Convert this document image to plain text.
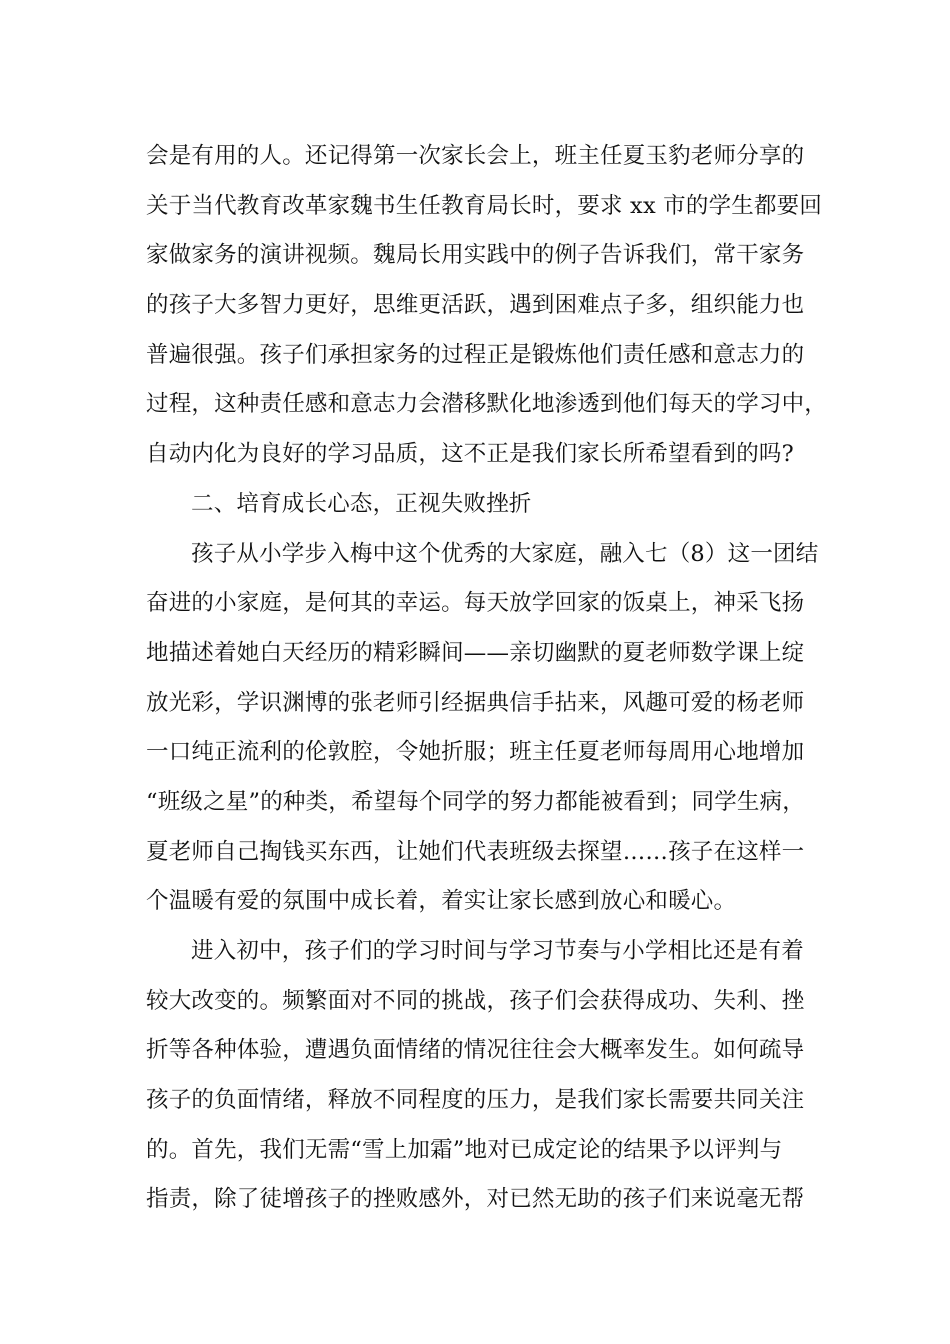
会是有用的人。还记得第一次家长会上，班主任夏玉豹老师分享的
关于当代教育改革家魏书生任教育局长时，要求 xx 市的学生都要回
家做家务的演讲视频。魏局长用实践中的例子告诉我们，常干家务
的孩子大多智力更好，思维更活跃，遇到困难点子多，组织能力也
普遍很强。孩子们承担家务的过程正是锻炼他们责任感和意志力的
过程，这种责任感和意志力会潜移默化地渗透到他们每天的学习中，
自动内化为良好的学习品质，这不正是我们家长所希望看到的吗?
二、培育成长心态，正视失败挫折
孩子从小学步入梅中这个优秀的大家庭，融入七（8）这一团结
奋进的小家庭，是何其的幸运。每天放学回家的饭桌上，神采飞扬
地描述着她白天经历的精彩瞬间——亲切幽默的夏老师数学课上绽
放光彩，学识渊博的张老师引经据典信手拈来，风趣可爱的杨老师
一口纯正流利的伦敦腔，令她折服；班主任夏老师每周用心地增加
“班级之星”的种类，希望每个同学的努力都能被看到；同学生病，
夏老师自己掏钱买东西，让她们代表班级去探望……孩子在这样一
个温暖有爱的氛围中成长着，着实让家长感到放心和暖心。
进入初中，孩子们的学习时间与学习节奏与小学相比还是有着
较大改变的。频繁面对不同的挑战，孩子们会获得成功、失利、挫
折等各种体验，遭遇负面情绪的情况往往会大概率发生。如何疏导
孩子的负面情绪，释放不同程度的压力，是我们家长需要共同关注
的。首先，我们无需“雪上加霜”地对已成定论的结果予以评判与
指责，除了徒增孩子的挫败感外，对已然无助的孩子们来说毫无帮
